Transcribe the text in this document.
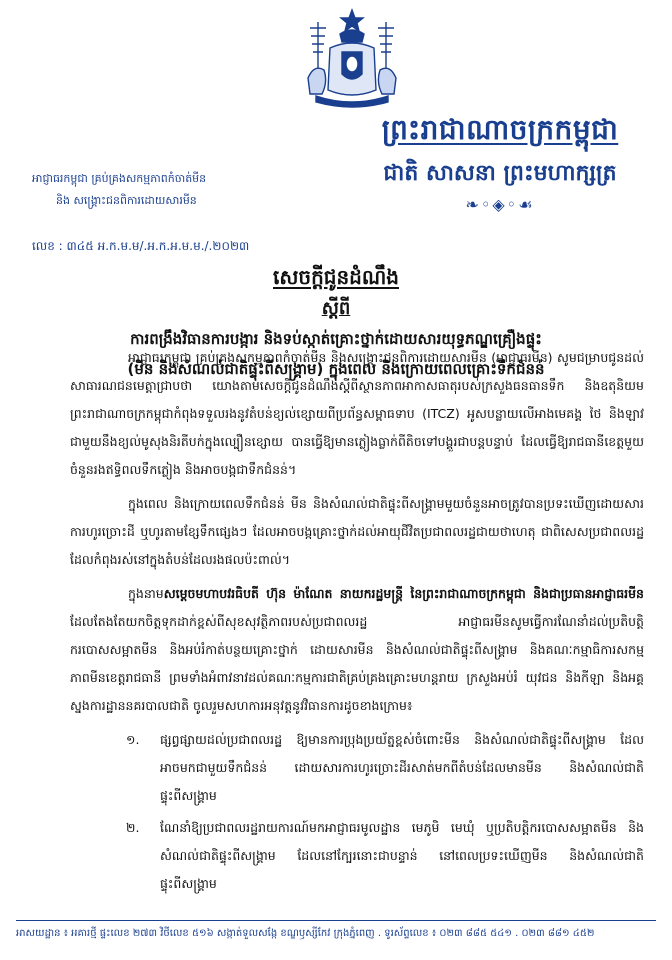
ព្រះរាជាណាចក្រកម្ពុជា
ជាតិ សាសនា ព្រះមហាក្សត្រ
❧◦◈◦☙
អាជ្ញាធរកម្ពុជា គ្រប់គ្រងសកម្មភាពកំចាត់មីន
និង សង្គ្រោះជនពិការដោយសារមីន
លេខ : ៣៤៥ អ.ក.ម.ម/.អ.ក.អ.ម.ម./.២០២៣
សេចក្តីជូនដំណឹង
ស្តីពី
ការពង្រឹងវិធានការបង្ការ និងទប់ស្កាត់គ្រោះថ្នាក់ដោយសារយុទ្ធភណ្ឌគ្រឿងផ្ទុះ
(មីន និងសំណល់ជាតិផ្ទុះពីសង្គ្រាម) ក្នុងពេល និងក្រោយពេលគ្រោះទឹកជំនន់

អាជ្ញាធរកម្ពុជា គ្រប់គ្រងសកម្មភាពកំចាត់មីន និងសង្គ្រោះជនពិការដោយសារមីន (អាជ្ញាធរមីន) សូមជម្រាបជូនដល់សាធារណជនមេត្តាជ្រាបថា យោងតាមសេចក្តីជូនដំណឹងស្តីពីស្ថានភាពអាកាសធាតុរបស់ក្រសួងធនធានទឹក និងឧតុនិយម ព្រះរាជាណាចក្រកម្ពុជាកំពុងទទួលរងនូវតំបន់ខ្យល់ខ្សោយពីប្រព័ន្ធសម្ពាធទាប (ITCZ) អូសបន្លាយលើអាងមេគង្គ ថៃ និងឡាវ ជាមួយនឹងខ្យល់មូសុងនិរតីបក់ក្នុងល្បឿនខ្សោយ បានធ្វើឱ្យមានភ្លៀងធ្លាក់ពីតិចទៅបង្គួរជាបន្តបន្ទាប់ ដែលធ្វើឱ្យរាជធានីខេត្តមួយចំនួនរងឥទ្ធិពលទឹកភ្លៀង និងអាចបង្កជាទឹកជំនន់។

ក្នុងពេល និងក្រោយពេលទឹកជំនន់ មីន និងសំណល់ជាតិផ្ទុះពីសង្គ្រាមមួយចំនួនអាចត្រូវបានប្រទះឃើញដោយសារការហូរច្រោះដី ឬហូរតាមខ្សែទឹកផ្សេងៗ ដែលអាចបង្កគ្រោះថ្នាក់ដល់អាយុជីវិតប្រជាពលរដ្ឋជាយថាហេតុ ជាពិសេសប្រជាពលរដ្ឋដែលកំពុងរស់នៅក្នុងតំបន់ដែលរងផលប៉ះពាល់។

ក្នុងនាមសម្តេចមហាបវរធិបតី ហ៊ុន ម៉ាណែត នាយករដ្ឋមន្ត្រី នៃព្រះរាជាណាចក្រកម្ពុជា និងជាប្រធានអាជ្ញាធរមីន ដែលតែងតែយកចិត្តទុកដាក់ខ្ពស់ពីសុខសុវត្ថិភាពរបស់ប្រជាពលរដ្ឋ អាជ្ញាធរមីនសូមធ្វើការណែនាំដល់ប្រតិបត្តិករបោសសម្អាតមីន និងអប់រំកាត់បន្ថយគ្រោះថ្នាក់ ដោយសារមីន និងសំណល់ជាតិផ្ទុះពីសង្គ្រាម និងគណៈកម្មាធិការសកម្មភាពមីនខេត្តរាជធានី ព្រមទាំងអំពាវនាវដល់គណៈកម្មការជាតិគ្រប់គ្រងគ្រោះមហន្តរាយ ក្រសួងអប់រំ យុវជន និងកីឡា និងអគ្គស្នងការដ្ឋាននគរបាលជាតិ ចូលរួមសហការអនុវត្តនូវវិធានការដូចខាងក្រោម៖

១.	ផ្សព្វផ្សាយដល់ប្រជាពលរដ្ឋ ឱ្យមានការប្រុងប្រយ័ត្នខ្ពស់ចំពោះមីន និងសំណល់ជាតិផ្ទុះពីសង្គ្រាម ដែលអាចមកជាមួយទឹកជំនន់ ដោយសារការហូរច្រោះដីរសាត់មកពីតំបន់ដែលមានមីន និងសំណល់ជាតិផ្ទុះពីសង្គ្រាម
២.	ណែនាំឱ្យប្រជាពលរដ្ឋរាយការណ៍មកអាជ្ញាធរមូលដ្ឋាន មេភូមិ មេឃុំ ឬប្រតិបត្តិករបោសសម្អាតមីន និងសំណល់ជាតិផ្ទុះពីសង្គ្រាម ដែលនៅក្បែរនោះជាបន្ទាន់ នៅពេលប្រទះឃើញមីន និងសំណល់ជាតិផ្ទុះពីសង្គ្រាម
អាសយដ្ឋាន ៖ អគារថ្មី ផ្ទះលេខ ២៧៣ វិថីលេខ ៥១៦ សង្កាត់ទួលសង្កែ ខណ្ឌឫស្សីកែវ ក្រុងភ្នំពេញ . ទូរស័ព្ទលេខ ៖ ០២៣ ៨៨៥ ៥៤១ . ០២៣ ៨៨១ ៤៥២
